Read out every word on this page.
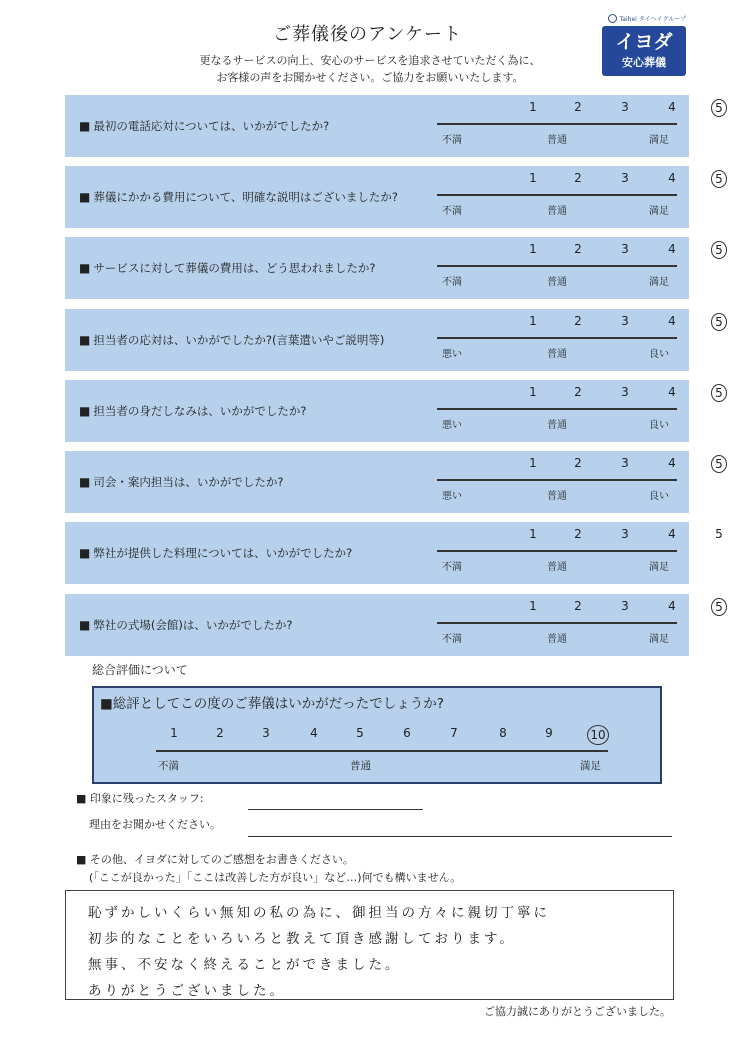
ご葬儀後のアンケート
更なるサービスの向上、安心のサービスを追求させていただく為に、
お客様の声をお聞かせください。ご協力をお願いいたします。
Taihei タイヘイグループ
イヨダ
安心葬儀
■ 最初の電話応対については、いかがでしたか?
1	2	3	4	5
不満	普通	満足
■ 葬儀にかかる費用について、明確な説明はございましたか?
1	2	3	4	5
不満	普通	満足
■ サービスに対して葬儀の費用は、どう思われましたか?
1	2	3	4	5
不満	普通	満足
■ 担当者の応対は、いかがでしたか?(言葉遣いやご説明等)
1	2	3	4	5
悪い	普通	良い
■ 担当者の身だしなみは、いかがでしたか?
1	2	3	4	5
悪い	普通	良い
■ 司会・案内担当は、いかがでしたか?
1	2	3	4	5
悪い	普通	良い
■ 弊社が提供した料理については、いかがでしたか?
1	2	3	4	5
不満	普通	満足
■ 弊社の式場(会館)は、いかがでしたか?
1	2	3	4	5
不満	普通	満足
総合評価について
■総評としてこの度のご葬儀はいかがだったでしょうか?
1	2	3	4	5	6	7	8	9	10
不満	普通	満足
■ 印象に残ったスタッフ:
理由をお聞かせください。
■ その他、イヨダに対してのご感想をお書きください。
(「ここが良かった」「ここは改善した方が良い」など…)何でも構いません。
恥ずかしいくらい無知の私の為に、御担当の方々に親切丁寧に
初歩的なことをいろいろと教えて頂き感謝しております。
無事、不安なく終えることができました。
ありがとうございました。
ご協力誠にありがとうございました。
